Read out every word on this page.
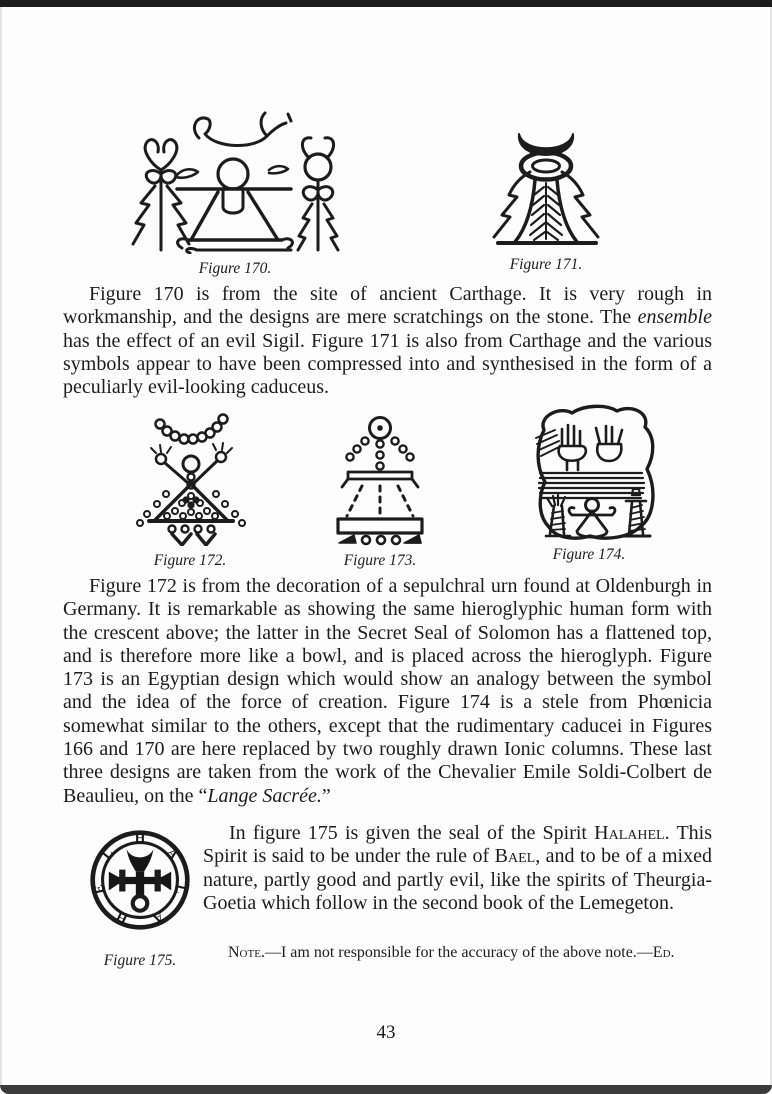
Figure 170.	Figure 171.

Figure 170 is from the site of ancient Carthage. It is very rough in workmanship, and the designs are mere scratchings on the stone. The ensemble has the effect of an evil Sigil. Figure 171 is also from Carthage and the various symbols appear to have been compressed into and synthesised in the form of a peculiarly evil-looking caduceus.

Figure 172.	Figure 173.	Figure 174.

Figure 172 is from the decoration of a sepulchral urn found at Oldenburgh in Germany. It is remarkable as showing the same hieroglyphic human form with the crescent above; the latter in the Secret Seal of Solomon has a flattened top, and is therefore more like a bowl, and is placed across the hieroglyph. Figure 173 is an Egyptian design which would show an analogy between the symbol and the idea of the force of creation. Figure 174 is a stele from Phœnicia somewhat similar to the others, except that the rudimentary caducei in Figures 166 and 170 are here replaced by two roughly drawn Ionic columns. These last three designs are taken from the work of the Chevalier Emile Soldi-Colbert de Beaulieu, on the “Lange Sacrée.”

H
A
L
A
H
E
L
Figure 175.

In figure 175 is given the seal of the Spirit Halahel. This Spirit is said to be under the rule of Bael, and to be of a mixed nature, partly good and partly evil, like the spirits of Theurgia-Goetia which follow in the second book of the Lemegeton.

Note.—I am not responsible for the accuracy of the above note.—Ed.

43
